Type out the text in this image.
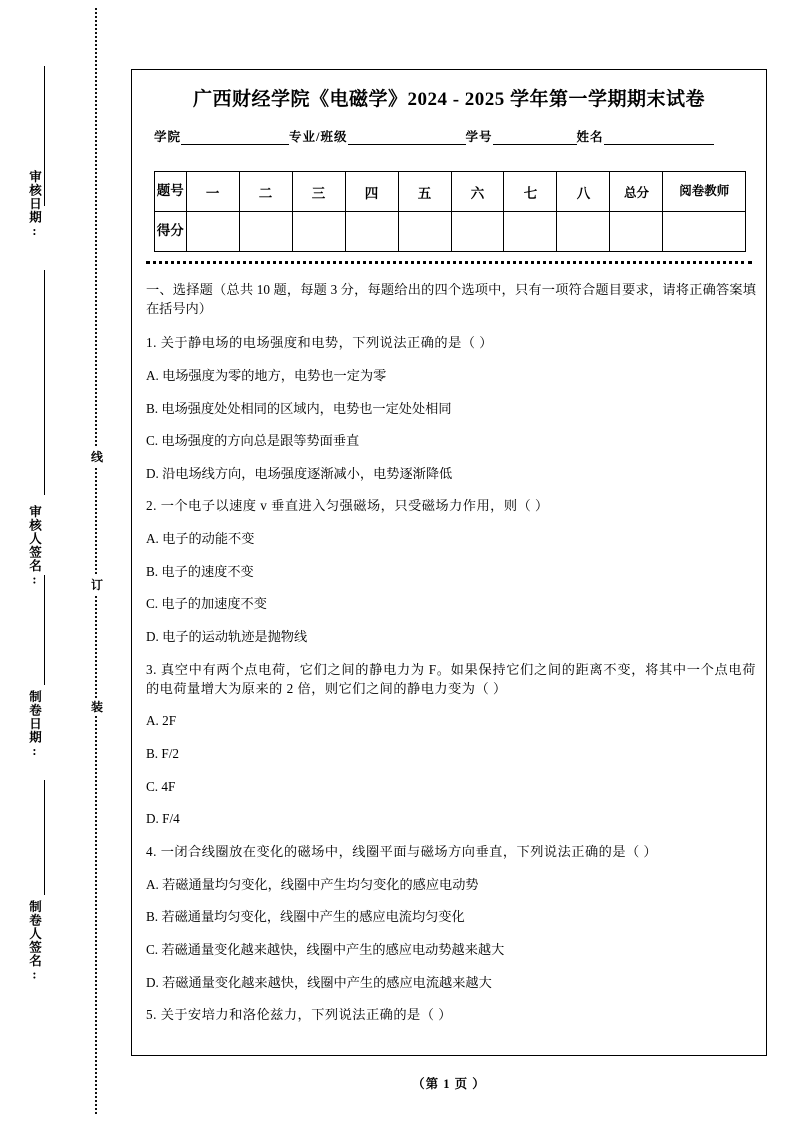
审核日期:
审核人签名:
制卷日期:
制卷人签名:
线
订
装
广西财经学院《电磁学》2024 - 2025 学年第一学期期末试卷
学院	专业/班级	学号	姓名
题号	一	二	三	四	五	六	七	八	总分	阅卷教师
得分										
一、选择题（总共 10 题，每题 3 分，每题给出的四个选项中，只有一项符合题目要求，请将正确答案填在括号内）
1. 关于静电场的电场强度和电势，下列说法正确的是（ ）
A. 电场强度为零的地方，电势也一定为零
B. 电场强度处处相同的区域内，电势也一定处处相同
C. 电场强度的方向总是跟等势面垂直
D. 沿电场线方向，电场强度逐渐减小，电势逐渐降低
2. 一个电子以速度 v 垂直进入匀强磁场，只受磁场力作用，则（ ）
A. 电子的动能不变
B. 电子的速度不变
C. 电子的加速度不变
D. 电子的运动轨迹是抛物线
3. 真空中有两个点电荷，它们之间的静电力为 F。如果保持它们之间的距离不变，将其中一个点电荷的电荷量增大为原来的 2 倍，则它们之间的静电力变为（ ）
A. 2F
B. F/2
C. 4F
D. F/4
4. 一闭合线圈放在变化的磁场中，线圈平面与磁场方向垂直，下列说法正确的是（ ）
A. 若磁通量均匀变化，线圈中产生均匀变化的感应电动势
B. 若磁通量均匀变化，线圈中产生的感应电流均匀变化
C. 若磁通量变化越来越快，线圈中产生的感应电动势越来越大
D. 若磁通量变化越来越快，线圈中产生的感应电流越来越大
5. 关于安培力和洛伦兹力，下列说法正确的是（ ）
（第 1 页 ）
